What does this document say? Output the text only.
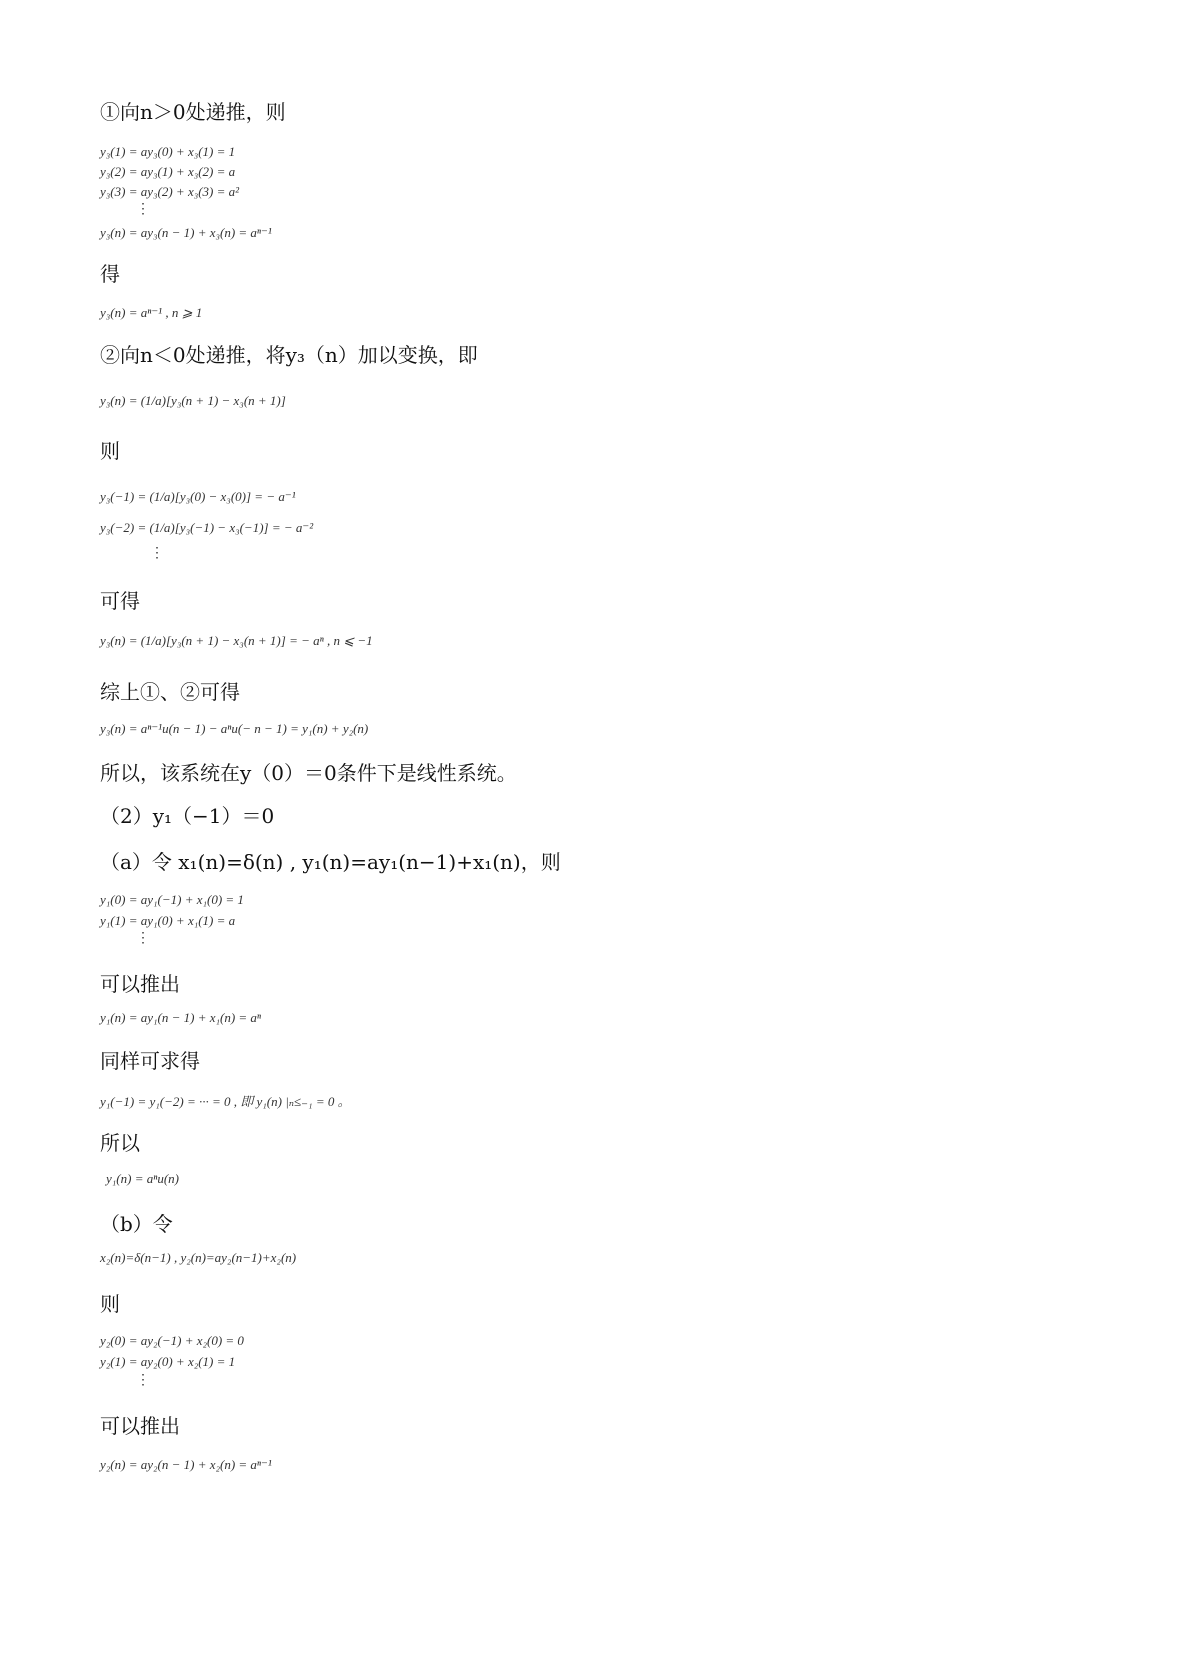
①向n＞0处递推，则
y₃(1) = ay₃(0) + x₃(1) = 1
y₃(2) = ay₃(1) + x₃(2) = a
y₃(3) = ay₃(2) + x₃(3) = a²
⋮
y₃(n) = ay₃(n − 1) + x₃(n) = aⁿ⁻¹
得
y₃(n) = aⁿ⁻¹ , n ⩾ 1
②向n＜0处递推，将y₃（n）加以变换，即
y₃(n) = (1/a)[y₃(n + 1) − x₃(n + 1)]
则
y₃(−1) = (1/a)[y₃(0) − x₃(0)] = − a⁻¹
y₃(−2) = (1/a)[y₃(−1) − x₃(−1)] = − a⁻²
⋮
可得
y₃(n) = (1/a)[y₃(n + 1) − x₃(n + 1)] = − aⁿ , n ⩽ −1
综上①、②可得
y₃(n) = aⁿ⁻¹u(n − 1) − aⁿu(− n − 1) = y₁(n) + y₂(n)
所以，该系统在y（0）＝0条件下是线性系统。
（2）y₁（−1）＝0
（a）令 x₁(n)=δ(n) , y₁(n)=ay₁(n−1)+x₁(n)，则
y₁(0) = ay₁(−1) + x₁(0) = 1
y₁(1) = ay₁(0) + x₁(1) = a
⋮
可以推出
y₁(n) = ay₁(n − 1) + x₁(n) = aⁿ
同样可求得
y₁(−1) = y₁(−2) = ··· = 0 , 即 y₁(n) |ₙ≤₋₁ = 0 。
所以
y₁(n) = aⁿu(n)
（b）令
x₂(n)=δ(n−1) , y₂(n)=ay₂(n−1)+x₂(n)
则
y₂(0) = ay₂(−1) + x₂(0) = 0
y₂(1) = ay₂(0) + x₂(1) = 1
⋮
可以推出
y₂(n) = ay₂(n − 1) + x₂(n) = aⁿ⁻¹
